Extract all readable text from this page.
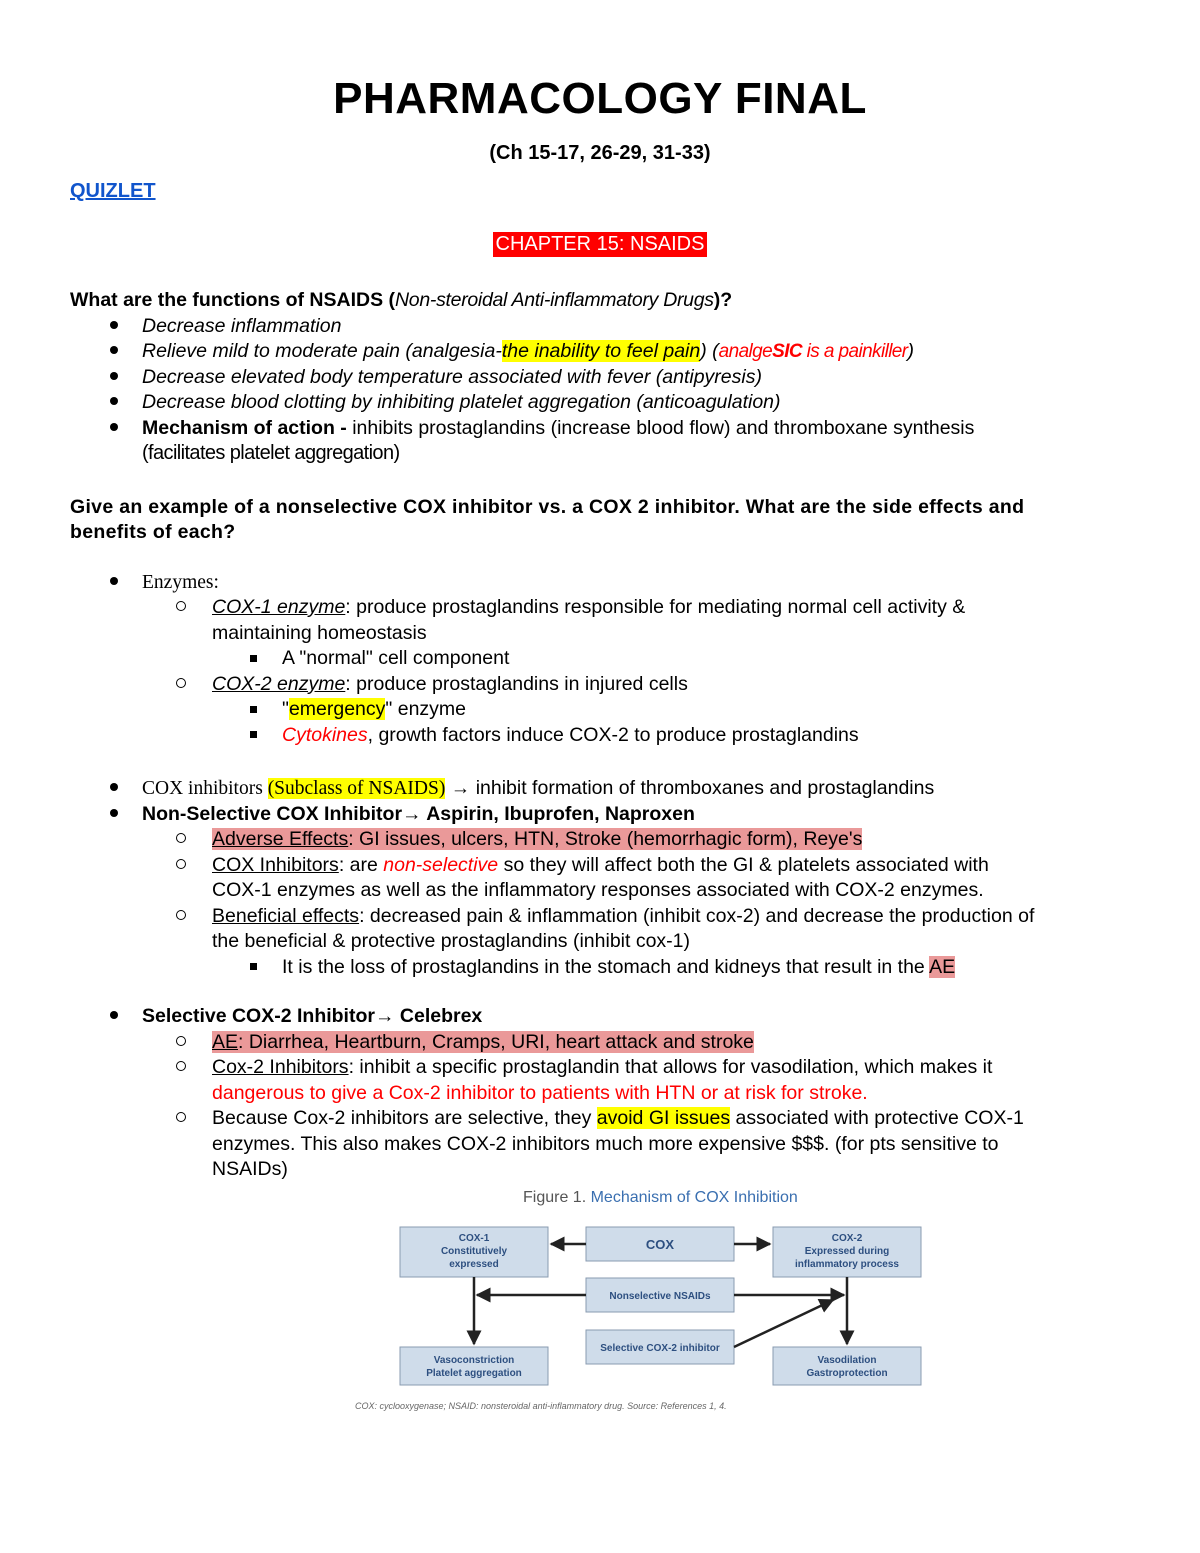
PHARMACOLOGY FINAL
(Ch 15-17, 26-29, 31-33)
QUIZLET
CHAPTER 15: NSAIDS
What are the functions of NSAIDS (Non-steroidal Anti-inflammatory Drugs)?
Decrease inflammation
Relieve mild to moderate pain (analgesia-the inability to feel pain) (analgeSIC is a painkiller)
Decrease elevated body temperature associated with fever (antipyresis)
Decrease blood clotting by inhibiting platelet aggregation (anticoagulation)
Mechanism of action - inhibits prostaglandins (increase blood flow) and thromboxane synthesis
(facilitates platelet aggregation)
Give an example of a nonselective COX inhibitor vs. a COX 2 inhibitor. What are the side effects and
benefits of each?
Enzymes:
COX-1 enzyme: produce prostaglandins responsible for mediating normal cell activity &
maintaining homeostasis
A "normal" cell component
COX-2 enzyme: produce prostaglandins in injured cells
"emergency" enzyme
Cytokines, growth factors induce COX-2 to produce prostaglandins
COX inhibitors (Subclass of NSAIDS) → inhibit formation of thromboxanes and prostaglandins
Non-Selective COX Inhibitor→ Aspirin, Ibuprofen, Naproxen
Adverse Effects: GI issues, ulcers, HTN, Stroke (hemorrhagic form), Reye's
COX Inhibitors: are non-selective so they will affect both the GI & platelets associated with
COX-1 enzymes as well as the inflammatory responses associated with COX-2 enzymes.
Beneficial effects: decreased pain & inflammation (inhibit cox-2) and decrease the production of
the beneficial & protective prostaglandins (inhibit cox-1)
It is the loss of prostaglandins in the stomach and kidneys that result in the AE
Selective COX-2 Inhibitor→ Celebrex
AE: Diarrhea, Heartburn, Cramps, URI, heart attack and stroke
Cox-2 Inhibitors: inhibit a specific prostaglandin that allows for vasodilation, which makes it
dangerous to give a Cox-2 inhibitor to patients with HTN or at risk for stroke.
Because Cox-2 inhibitors are selective, they avoid GI issues associated with protective COX-1
enzymes. This also makes COX-2 inhibitors much more expensive $$$. (for pts sensitive to
NSAIDs)
Figure 1. Mechanism of COX Inhibition
COX-1
Constitutively
expressed
COX	COX-2
Expressed during
inflammatory process
Nonselective NSAIDs
Selective COX-2 inhibitor
Vasoconstriction
Platelet aggregation
Vasodilation
Gastroprotection
COX: cyclooxygenase; NSAID: nonsteroidal anti-inflammatory drug. Source: References 1, 4.
